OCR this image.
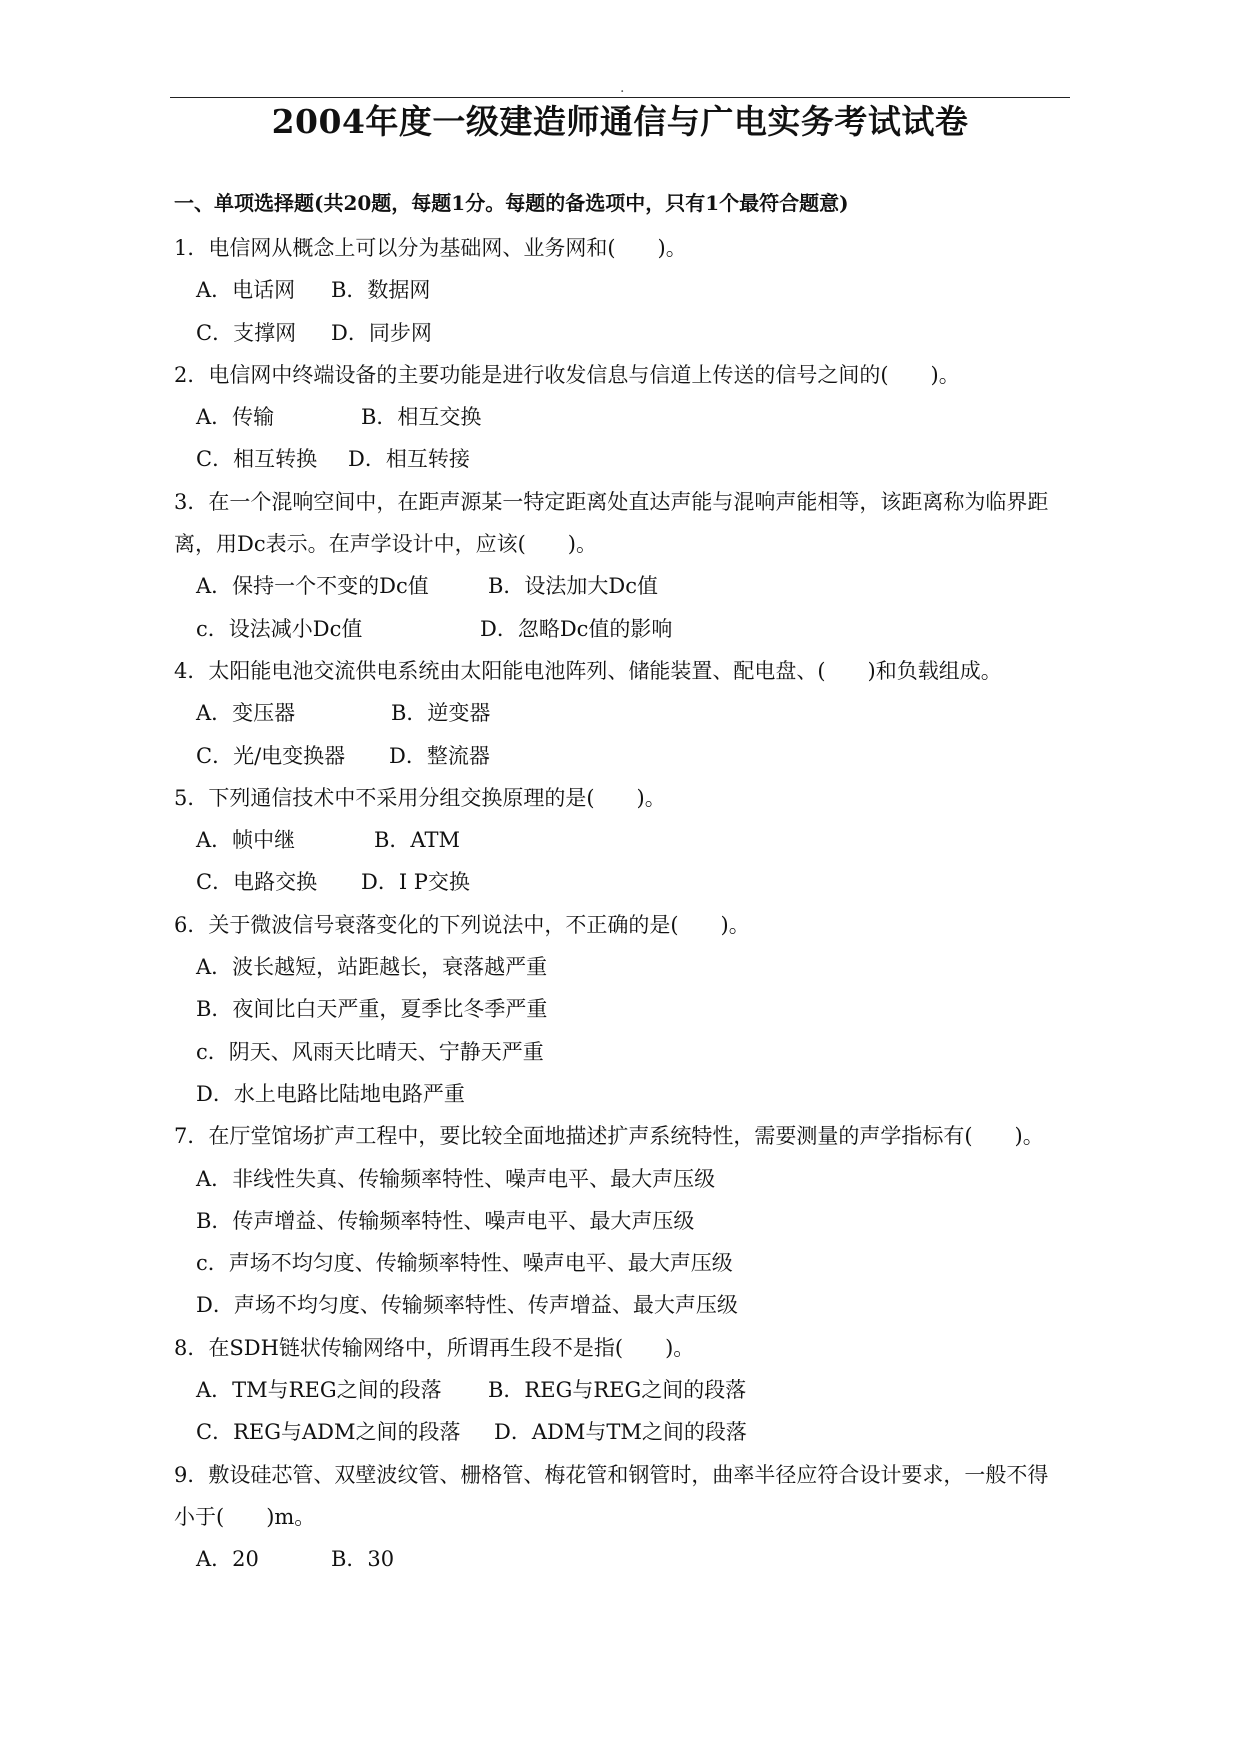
.
2004年度一级建造师通信与广电实务考试试卷
一、单项选择题(共20题，每题1分。每题的备选项中，只有1个最符合题意)
1．电信网从概念上可以分为基础网、业务网和(　　)。
A．电话网 B．数据网
C．支撑网 D．同步网
2．电信网中终端设备的主要功能是进行收发信息与信道上传送的信号之间的(　　)。
A．传输	B．相互交换
C．相互转换 D．相互转接
3．在一个混响空间中，在距声源某一特定距离处直达声能与混响声能相等，该距离称为临界距
离，用Dc表示。在声学设计中，应该(　　)。
A．保持一个不变的Dc值	B．设法加大Dc值
c．设法减小Dc值	D．忽略Dc值的影响
4．太阳能电池交流供电系统由太阳能电池阵列、储能装置、配电盘、(　　)和负载组成。
A．变压器	B．逆变器
C．光/电变换器 D．整流器
5．下列通信技术中不采用分组交换原理的是(　　)。
A．帧中继	B．ATM
C．电路交换 D．I P交换
6．关于微波信号衰落变化的下列说法中，不正确的是(　　)。
A．波长越短，站距越长，衰落越严重
B．夜间比白天严重，夏季比冬季严重
c．阴天、风雨天比晴天、宁静天严重
D．水上电路比陆地电路严重
7．在厅堂馆场扩声工程中，要比较全面地描述扩声系统特性，需要测量的声学指标有(　　)。
A．非线性失真、传输频率特性、噪声电平、最大声压级
B．传声增益、传输频率特性、噪声电平、最大声压级
c．声场不均匀度、传输频率特性、噪声电平、最大声压级
D．声场不均匀度、传输频率特性、传声增益、最大声压级
8．在SDH链状传输网络中，所谓再生段不是指(　　)。
A．TM与REG之间的段落 B．REG与REG之间的段落
C．REG与ADM之间的段落 D．ADM与TM之间的段落
9．敷设硅芯管、双壁波纹管、栅格管、梅花管和钢管时，曲率半径应符合设计要求，一般不得
小于(　　)m。
A．20	B．30
